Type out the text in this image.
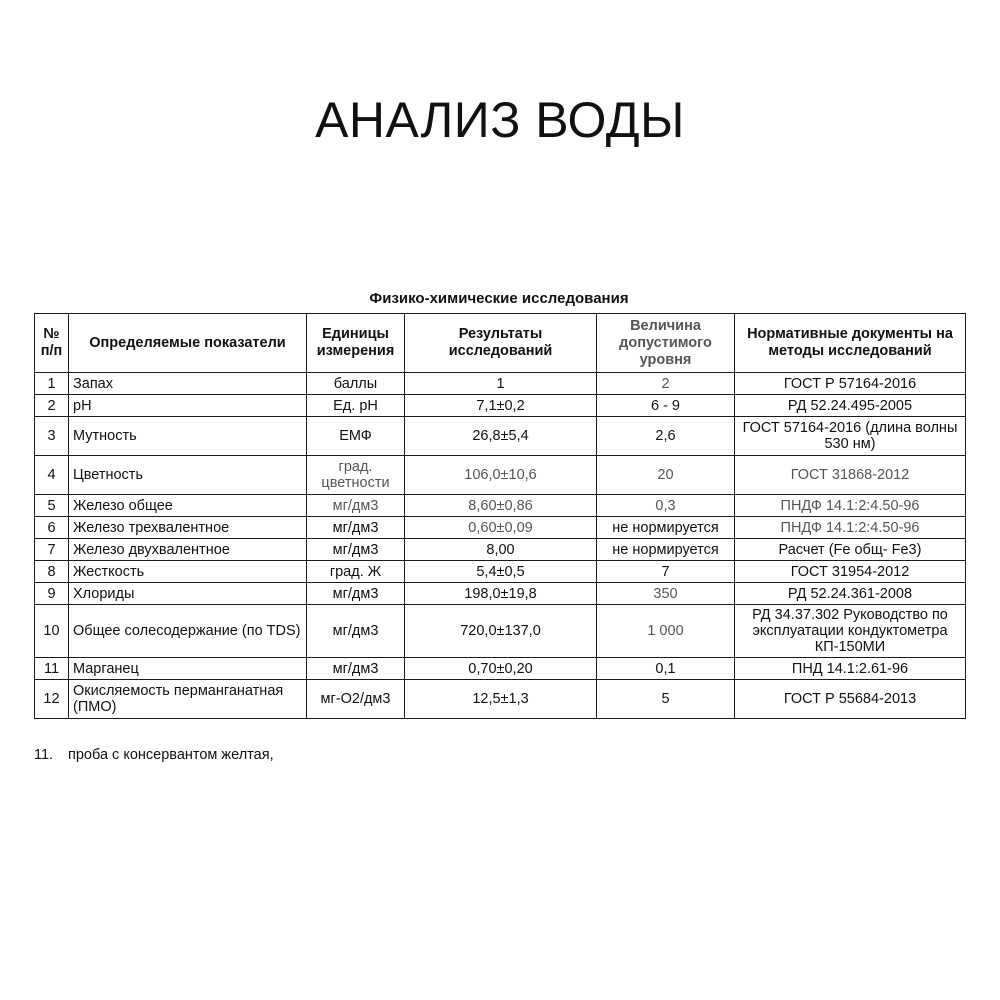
АНАЛИЗ ВОДЫ
Физико-химические исследования
№ п/п	Определяемые показатели	Единицы измерения	Результаты исследований	Величина допустимого уровня	Нормативные документы на методы исследований
1	Запах	баллы	1	2	ГОСТ Р 57164-2016
2	pH	Ед. pH	7,1±0,2	6 - 9	РД 52.24.495-2005
3	Мутность	ЕМФ	26,8±5,4	2,6	ГОСТ 57164-2016 (длина волны 530 нм)
4	Цветность	град. цветности	106,0±10,6	20	ГОСТ 31868-2012
5	Железо общее	мг/дм3	8,60±0,86	0,3	ПНДФ 14.1:2:4.50-96
6	Железо трехвалентное	мг/дм3	0,60±0,09	не нормируется	ПНДФ 14.1:2:4.50-96
7	Железо двухвалентное	мг/дм3	8,00	не нормируется	Расчет (Fe общ- Fe3)
8	Жесткость	град. Ж	5,4±0,5	7	ГОСТ 31954-2012
9	Хлориды	мг/дм3	198,0±19,8	350	РД 52.24.361-2008
10	Общее солесодержание (по TDS)	мг/дм3	720,0±137,0	1 000	РД 34.37.302 Руководство по эксплуатации кондуктометра КП-150МИ
11	Марганец	мг/дм3	0,70±0,20	0,1	ПНД 14.1:2.61-96
12	Окисляемость перманганатная (ПМО)	мг-О2/дм3	12,5±1,3	5	ГОСТ Р 55684-2013
11. проба с консервантом желтая,
